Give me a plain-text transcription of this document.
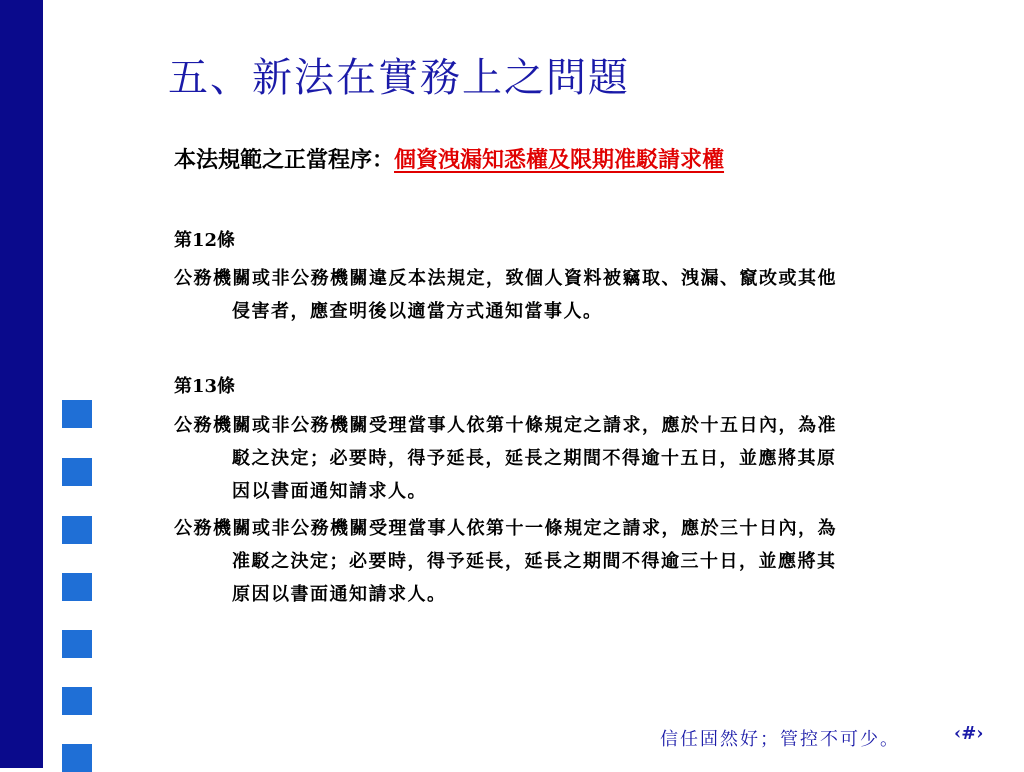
五、新法在實務上之問題
本法規範之正當程序：個資洩漏知悉權及限期准駁請求權
第12條
公務機關或非公務機關違反本法規定，致個人資料被竊取、洩漏、竄改或其他
侵害者，應查明後以適當方式通知當事人。
第13條
公務機關或非公務機關受理當事人依第十條規定之請求，應於十五日內，為准
駁之決定；必要時，得予延長，延長之期間不得逾十五日，並應將其原
因以書面通知請求人。
公務機關或非公務機關受理當事人依第十一條規定之請求，應於三十日內，為
准駁之決定；必要時，得予延長，延長之期間不得逾三十日，並應將其
原因以書面通知請求人。
信任固然好；管控不可少。	‹#›
